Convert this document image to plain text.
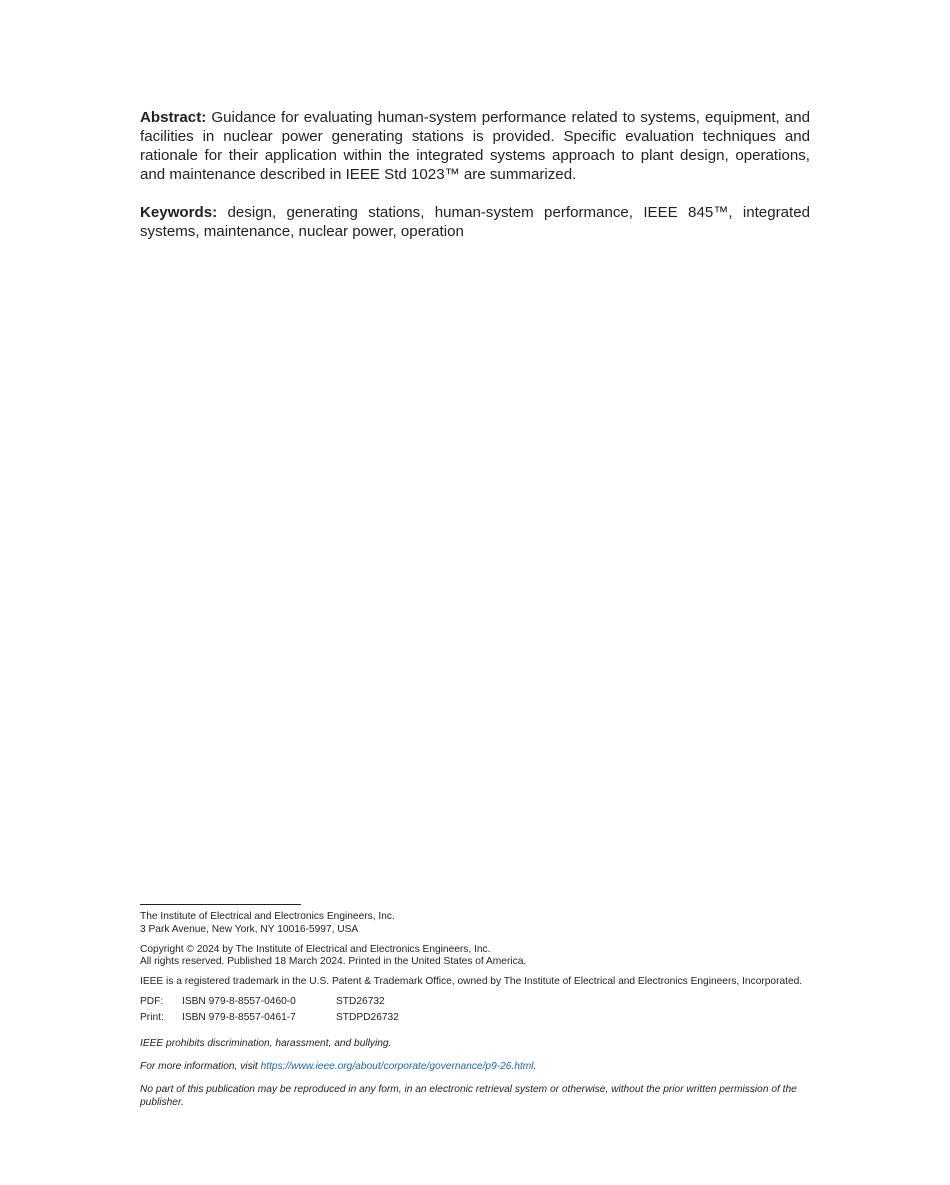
Abstract: Guidance for evaluating human-system performance related to systems, equipment, and facilities in nuclear power generating stations is provided. Specific evaluation techniques and rationale for their application within the integrated systems approach to plant design, operations, and maintenance described in IEEE Std 1023™ are summarized.

Keywords: design, generating stations, human-system performance, IEEE 845™, integrated systems, maintenance, nuclear power, operation

The Institute of Electrical and Electronics Engineers, Inc.

3 Park Avenue, New York, NY 10016-5997, USA

Copyright © 2024 by The Institute of Electrical and Electronics Engineers, Inc.

All rights reserved. Published 18 March 2024. Printed in the United States of America.

IEEE is a registered trademark in the U.S. Patent & Trademark Office, owned by The Institute of Electrical and Electronics Engineers, Incorporated.

PDF:	ISBN 979-8-8557-0460-0	STD26732
Print:	ISBN 979-8-8557-0461-7	STDPD26732

IEEE prohibits discrimination, harassment, and bullying.

For more information, visit https://www.ieee.org/about/corporate/governance/p9-26.html.

No part of this publication may be reproduced in any form, in an electronic retrieval system or otherwise, without the prior written permission of the publisher.
